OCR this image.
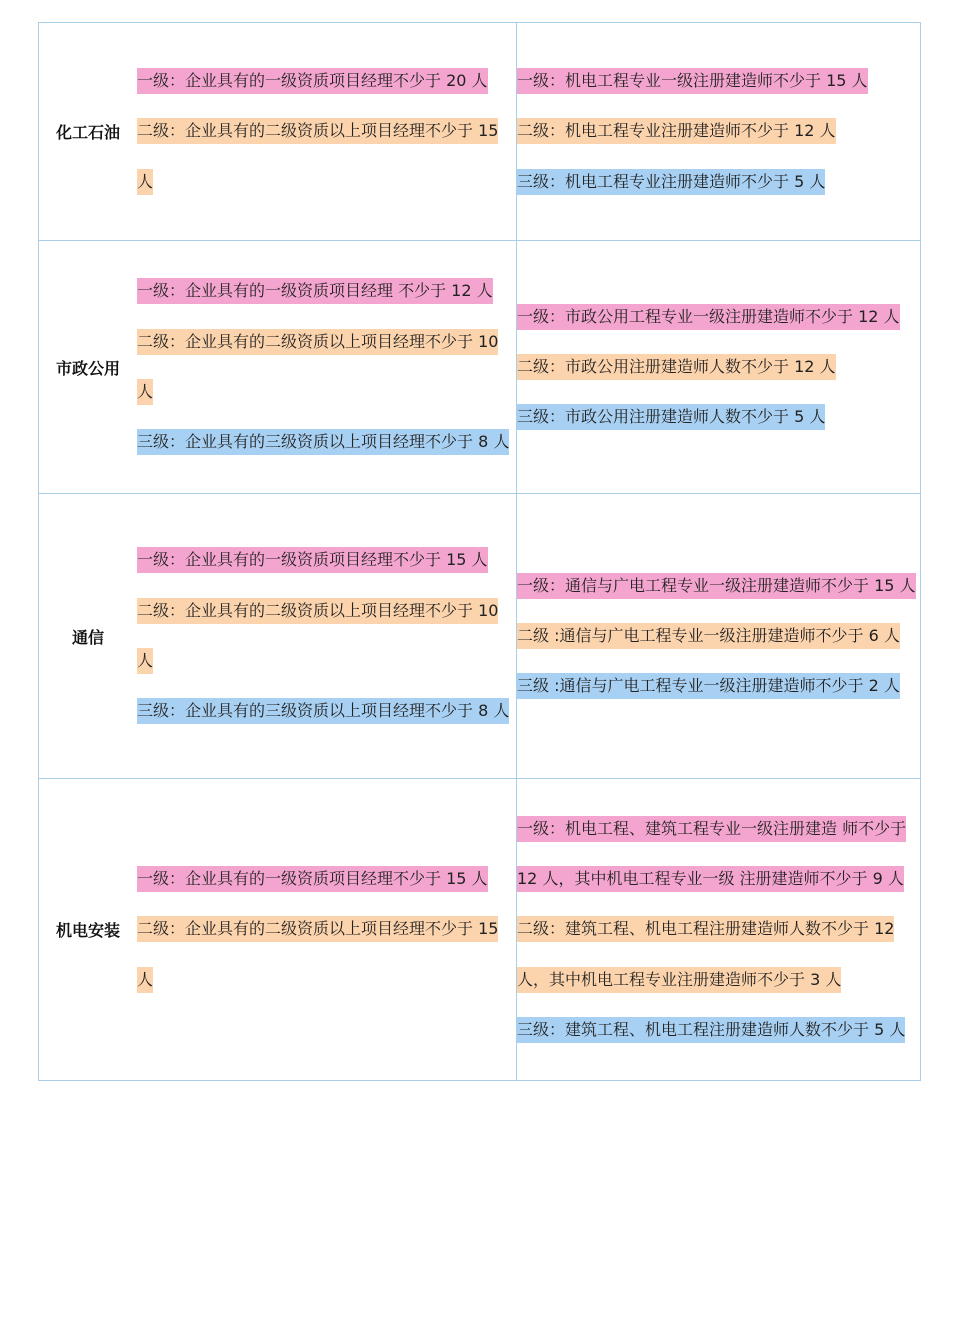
化工石油

一级：企业具有的一级资质项目经理不少于 20 人

二级：企业具有的二级资质以上项目经理不少于 15 人

一级：机电工程专业一级注册建造师不少于 15 人

二级：机电工程专业注册建造师不少于 12 人

三级：机电工程专业注册建造师不少于 5 人

市政公用

一级：企业具有的一级资质项目经理 不少于 12 人

二级：企业具有的二级资质以上项目经理不少于 10 人

三级：企业具有的三级资质以上项目经理不少于 8 人

一级：市政公用工程专业一级注册建造师不少于 12 人

二级：市政公用注册建造师人数不少于 12 人

三级：市政公用注册建造师人数不少于 5 人

通信

一级：企业具有的一级资质项目经理不少于 15 人

二级：企业具有的二级资质以上项目经理不少于 10 人

三级：企业具有的三级资质以上项目经理不少于 8 人

一级：通信与广电工程专业一级注册建造师不少于 15 人

二级 :通信与广电工程专业一级注册建造师不少于 6 人

三级 :通信与广电工程专业一级注册建造师不少于 2 人

机电安装

一级：企业具有的一级资质项目经理不少于 15 人

二级：企业具有的二级资质以上项目经理不少于 15 人

一级：机电工程、建筑工程专业一级注册建造 师不少于 12 人，其中机电工程专业一级 注册建造师不少于 9 人

二级：建筑工程、机电工程注册建造师人数不少于 12 人，其中机电工程专业注册建造师不少于 3 人

三级：建筑工程、机电工程注册建造师人数不少于 5 人
